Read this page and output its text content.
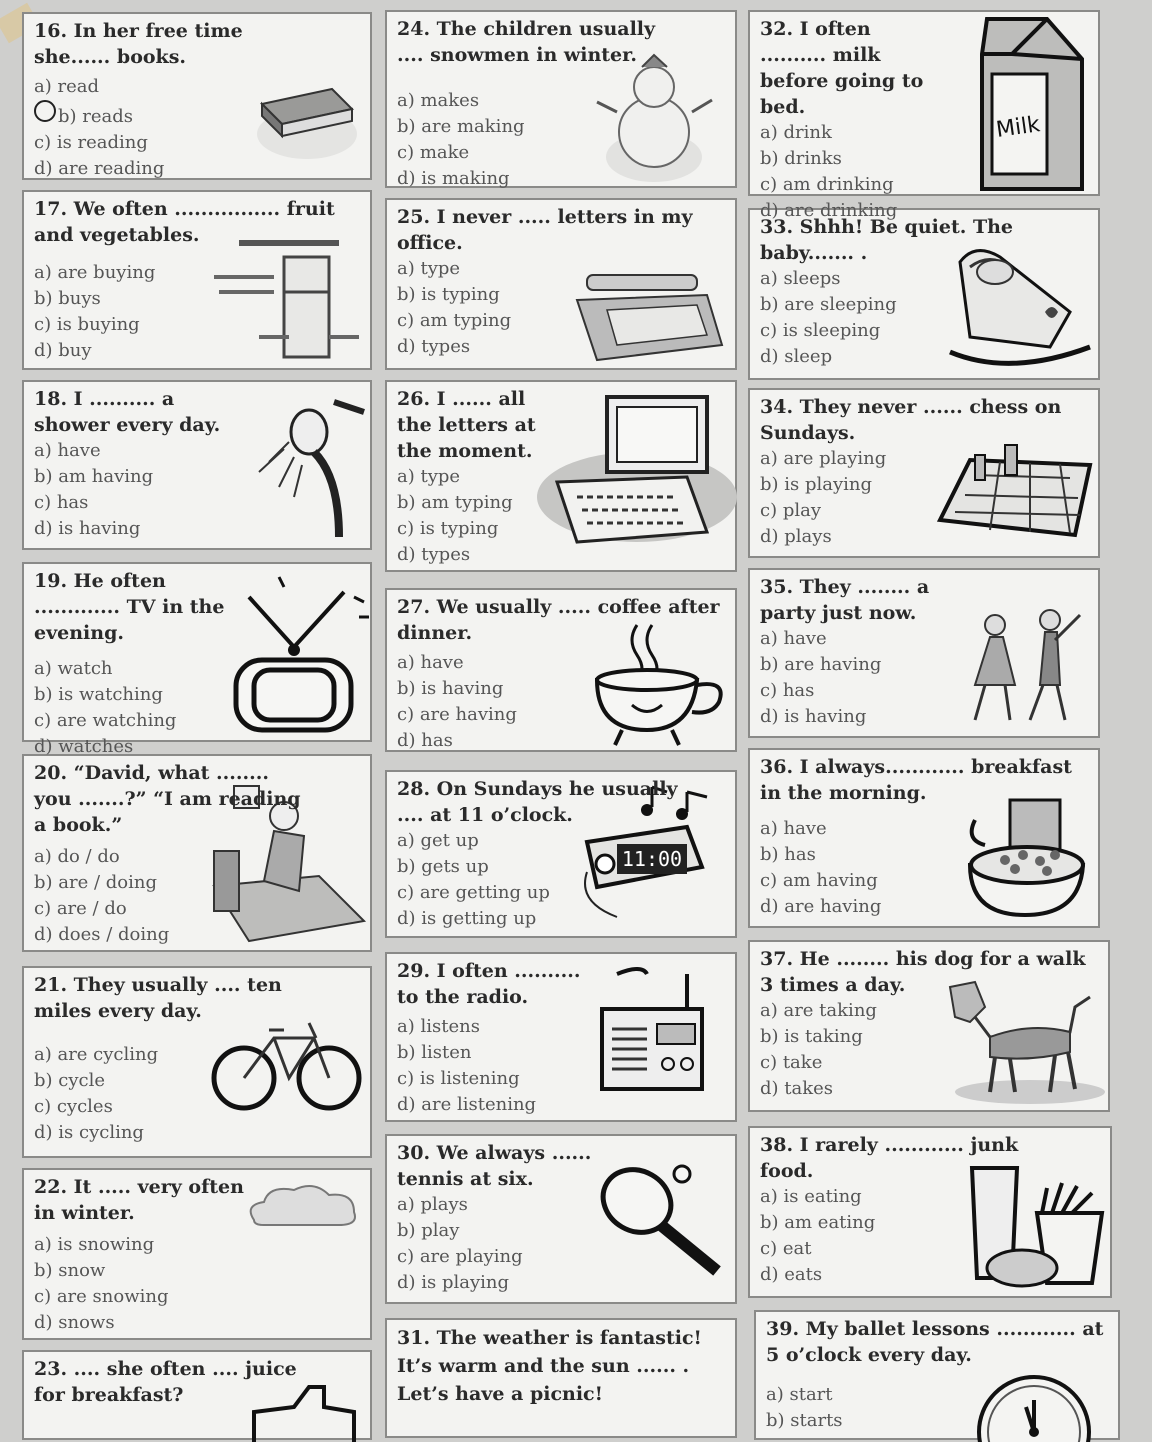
16. In her free time she...... books.

a) read
b) reads
c) is reading
d) are reading

17. We often ................ fruit and vegetables.

a) are buying
b) buys
c) is buying
d) buy

18. I .......... a shower every day.

a) have
b) am having
c) has
d) is having

19. He often ............. TV in the evening.

a) watch
b) is watching
c) are watching
d) watches

20. “David, what ........ you .......?” “I am reading a book.”

a) do / do
b) are / doing
c) are / do
d) does / doing

21. They usually .... ten miles every day.

a) are cycling
b) cycle
c) cycles
d) is cycling

22. It ..... very often in winter.

a) is snowing
b) snow
c) are snowing
d) snows

23. .... she often .... juice for breakfast?

24. The children usually .... snowmen in winter.

a) makes
b) are making
c) make
d) is making

25. I never ..... letters in my office.

a) type
b) is typing
c) am typing
d) types

26. I ...... all the letters at the moment.

a) type
b) am typing
c) is typing
d) types

27. We usually ..... coffee after dinner.

a) have
b) is having
c) are having
d) has

28. On Sundays he usually .... at 11 o’clock.

a) get up
b) gets up
c) are getting up
d) is getting up
11:00

29. I often .......... to the radio.

a) listens
b) listen
c) is listening
d) are listening

30. We always ...... tennis at six.

a) plays
b) play
c) are playing
d) is playing

31. The weather is fantastic! It’s warm and the sun ...... . Let’s have a picnic!

32. I often .......... milk before going to bed.

a) drink
b) drinks
c) am drinking
d) are drinking
Milk

33. Shhh! Be quiet. The baby....... .

a) sleeps
b) are sleeping
c) is sleeping
d) sleep

34. They never ...... chess on Sundays.

a) are playing
b) is playing
c) play
d) plays

35. They ........ a party just now.

a) have
b) are having
c) has
d) is having

36. I always............ breakfast in the morning.

a) have
b) has
c) am having
d) are having

37. He ........ his dog for a walk 3 times a day.

a) are taking
b) is taking
c) take
d) takes

38. I rarely ............ junk food.

a) is eating
b) am eating
c) eat
d) eats

39. My ballet lessons ............ at 5 o’clock every day.

a) start
b) starts
